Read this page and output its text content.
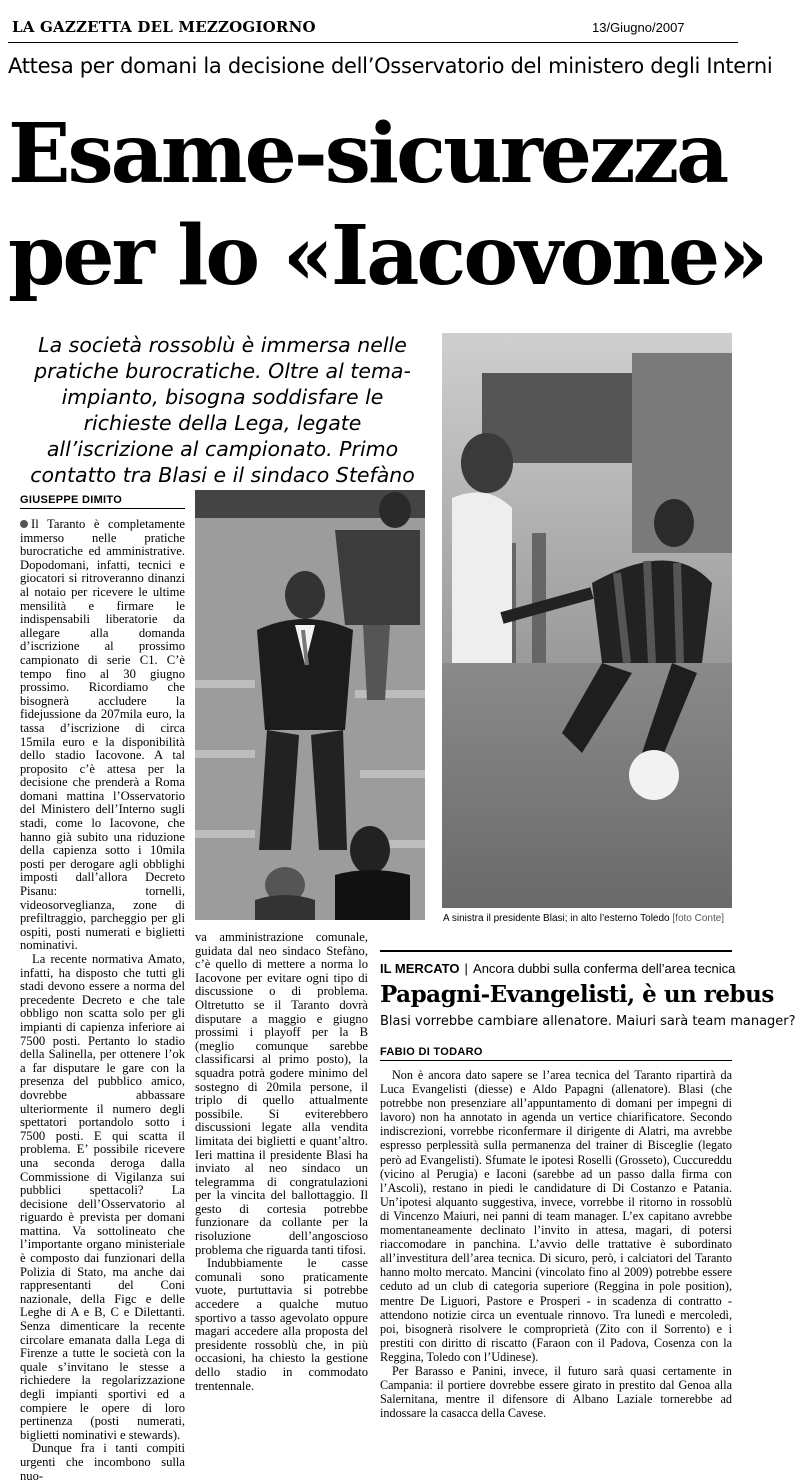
LA GAZZETTA DEL MEZZOGIORNO	13/Giugno/2007
Attesa per domani la decisione dell’Osservatorio del ministero degli Interni
Esame-sicurezza
per lo «Iacovone»
La società rossoblù è immersa nelle pratiche burocratiche. Oltre al tema-impianto, bisogna soddisfare le richieste della Lega, legate all’iscrizione al campionato. Primo contatto tra Blasi e il sindaco Stefàno
A sinistra il presidente Blasi; in alto l’esterno Toledo [foto Conte]
GIUSEPPE DIMITO

Il Taranto è completamente immerso nelle pratiche burocratiche ed amministrative. Dopodomani, infatti, tecnici e giocatori si ritroveranno dinanzi al notaio per ricevere le ultime mensilità e firmare le indispensabili liberatorie da allegare alla domanda d’iscrizione al prossimo campionato di serie C1. C’è tempo fino al 30 giugno prossimo. Ricordiamo che bisognerà accludere la fidejussione da 207mila euro, la tassa d’iscrizione di circa 15mila euro e la disponibilità dello stadio Iacovone. A tal proposito c’è attesa per la decisione che prenderà a Roma domani mattina l’Osservatorio del Ministero dell’Interno sugli stadi, come lo Iacovone, che hanno già subito una riduzione della capienza sotto i 10mila posti per derogare agli obblighi imposti dall’allora Decreto Pisanu: tornelli, videosorveglianza, zone di prefiltraggio, parcheggio per gli ospiti, posti numerati e biglietti nominativi.

La recente normativa Amato, infatti, ha disposto che tutti gli stadi devono essere a norma del precedente Decreto e che tale obbligo non scatta solo per gli impianti di capienza inferiore ai 7500 posti. Pertanto lo stadio della Salinella, per ottenere l’ok a far disputare le gare con la presenza del pubblico amico, dovrebbe abbassare ulteriormente il numero degli spettatori portandolo sotto i 7500 posti. E qui scatta il problema. E’ possibile ricevere una seconda deroga dalla Commissione di Vigilanza sui pubblici spettacoli? La decisione dell’Osservatorio al riguardo è prevista per domani mattina. Va sottolineato che l’importante organo ministeriale è composto dai funzionari della Polizia di Stato, ma anche dai rappresentanti del Coni nazionale, della Figc e delle Leghe di A e B, C e Dilettanti. Senza dimenticare la recente circolare emanata dalla Lega di Firenze a tutte le società con la quale s’invitano le stesse a richiedere la regolarizzazione degli impianti sportivi ed a compiere le opere di loro pertinenza (posti numerati, biglietti nominativi e stewards).

Dunque fra i tanti compiti urgenti che incombono sulla nuo-

va amministrazione comunale, guidata dal neo sindaco Stefàno, c’è quello di mettere a norma lo Iacovone per evitare ogni tipo di discussione o di problema. Oltretutto se il Taranto dovrà disputare a maggio e giugno prossimi i playoff per la B (meglio comunque sarebbe classificarsi al primo posto), la squadra potrà godere minimo del sostegno di 20mila persone, il triplo di quello attualmente possibile. Si eviterebbero discussioni legate alla vendita limitata dei biglietti e quant’altro. Ieri mattina il presidente Blasi ha inviato al neo sindaco un telegramma di congratulazioni per la vincita del ballottaggio. Il gesto di cortesia potrebbe funzionare da collante per la risoluzione dell’angoscioso problema che riguarda tanti tifosi.

Indubbiamente le casse comunali sono praticamente vuote, purtuttavia si potrebbe accedere a qualche mutuo sportivo a tasso agevolato oppure magari accedere alla proposta del presidente rossoblù che, in più occasioni, ha chiesto la gestione dello stadio in commodato trentennale.

IL MERCATO | Ancora dubbi sulla conferma dell’area tecnica
Papagni-Evangelisti, è un rebus
Blasi vorrebbe cambiare allenatore. Maiuri sarà team manager?
FABIO DI TODARO

Non è ancora dato sapere se l’area tecnica del Taranto ripartirà da Luca Evangelisti (diesse) e Aldo Papagni (allenatore). Blasi (che potrebbe non presenziare all’appuntamento di domani per impegni di lavoro) non ha annotato in agenda un vertice chiarificatore. Secondo indiscrezioni, vorrebbe riconfermare il dirigente di Alatri, ma avrebbe espresso perplessità sulla permanenza del trainer di Bisceglie (legato però ad Evangelisti). Sfumate le ipotesi Roselli (Grosseto), Cuccureddu (vicino al Perugia) e Iaconi (sarebbe ad un passo dalla firma con l’Ascoli), restano in piedi le candidature di Di Costanzo e Patania. Un’ipotesi alquanto suggestiva, invece, vorrebbe il ritorno in rossoblù di Vincenzo Maiuri, nei panni di team manager. L’ex capitano avrebbe momentaneamente declinato l’invito in attesa, magari, di potersi riaccomodare in panchina. L’avvio delle trattative è subordinato all’investitura dell’area tecnica. Di sicuro, però, i calciatori del Taranto hanno molto mercato. Mancini (vincolato fino al 2009) potrebbe essere ceduto ad un club di categoria superiore (Reggina in pole position), mentre De Liguori, Pastore e Prosperi - in scadenza di contratto - attendono notizie circa un eventuale rinnovo. Tra lunedì e mercoledì, poi, bisognerà risolvere le comproprietà (Zito con il Sorrento) e i prestiti con diritto di riscatto (Faraon con il Padova, Cosenza con la Reggina, Toledo con l’Udinese).

Per Barasso e Panini, invece, il futuro sarà quasi certamente in Campania: il portiere dovrebbe essere girato in prestito dal Genoa alla Salernitana, mentre il difensore di Albano Laziale tornerebbe ad indossare la casacca della Cavese.
